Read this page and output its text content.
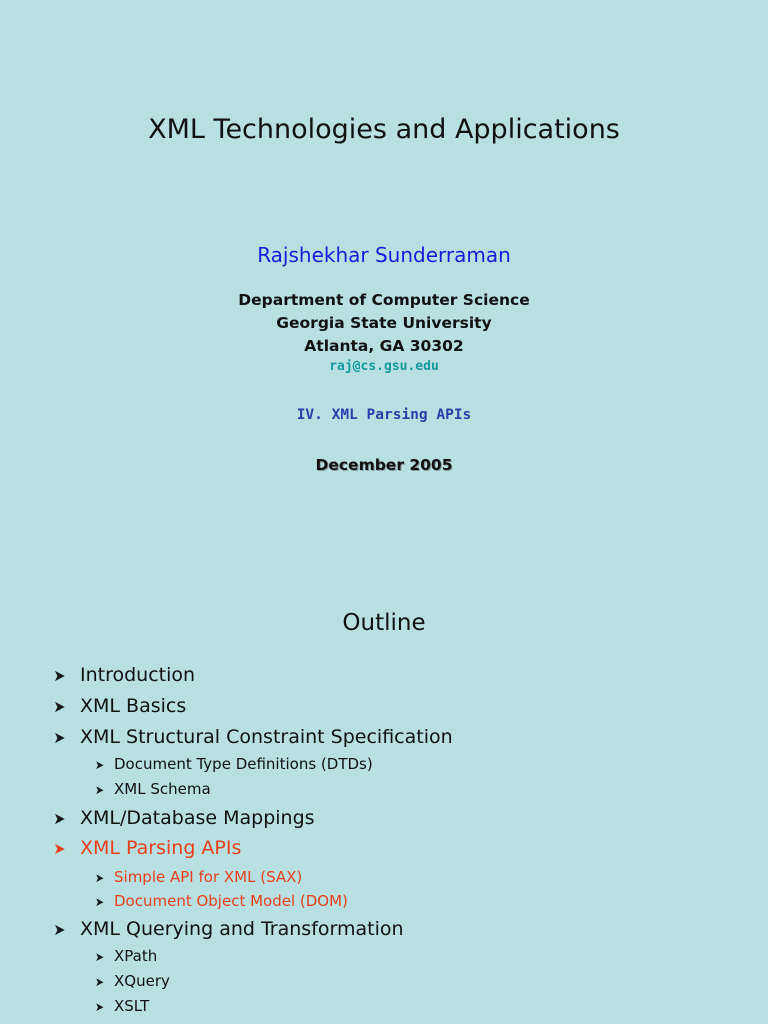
XML Technologies and Applications
Rajshekhar Sunderraman
Department of Computer Science
Georgia State University
Atlanta, GA 30302
raj@cs.gsu.edu
IV. XML Parsing APIs
December 2005
Outline
➤ Introduction
➤ XML Basics
➤ XML Structural Constraint Specification
➤ Document Type Definitions (DTDs)
➤ XML Schema
➤ XML/Database Mappings
➤ XML Parsing APIs
➤ Simple API for XML (SAX)
➤ Document Object Model (DOM)
➤ XML Querying and Transformation
➤ XPath
➤ XQuery
➤ XSLT
